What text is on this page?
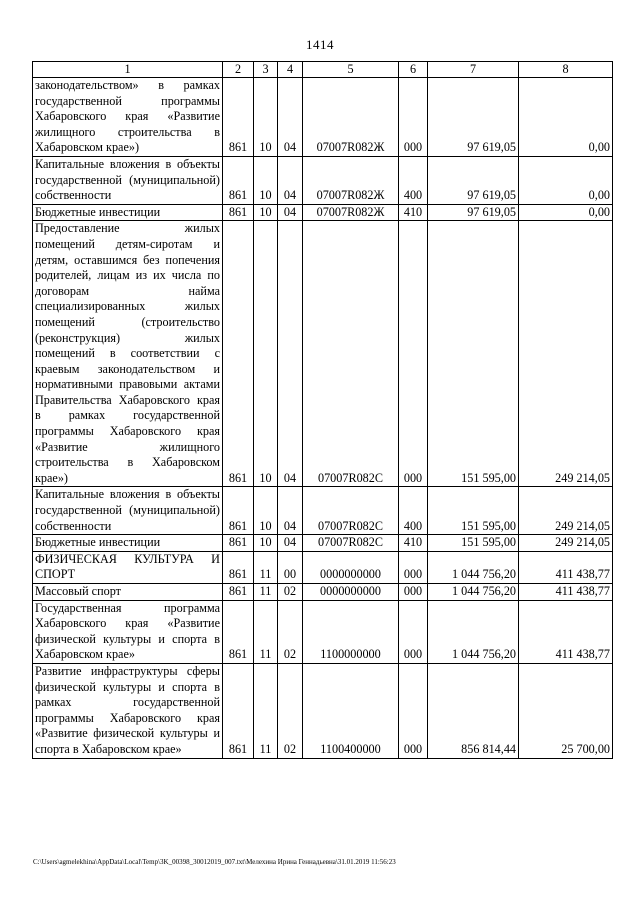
1414
1	2	3	4	5	6	7	8
законодательством» в рамках государственной программы Хабаровского края «Развитие жилищного строительства в Хабаровском крае»)	861	10	04	07007R082Ж	000	97 619,05	0,00
Капитальные вложения в объекты государственной (муниципальной) собственности	861	10	04	07007R082Ж	400	97 619,05	0,00
Бюджетные инвестиции	861	10	04	07007R082Ж	410	97 619,05	0,00
Предоставление жилых помещений детям-сиротам и детям, оставшимся без попечения родителей, лицам из их числа по договорам найма специализированных жилых помещений (строительство (реконструкция) жилых помещений в соответствии с краевым законодательством и нормативными правовыми актами Правительства Хабаровского края в рамках государственной программы Хабаровского края «Развитие жилищного строительства в Хабаровском крае»)	861	10	04	07007R082С	000	151 595,00	249 214,05
Капитальные вложения в объекты государственной (муниципальной) собственности	861	10	04	07007R082С	400	151 595,00	249 214,05
Бюджетные инвестиции	861	10	04	07007R082С	410	151 595,00	249 214,05
ФИЗИЧЕСКАЯ КУЛЬТУРА И СПОРТ	861	11	00	0000000000	000	1 044 756,20	411 438,77
Массовый спорт	861	11	02	0000000000	000	1 044 756,20	411 438,77
Государственная программа Хабаровского края «Развитие физической культуры и спорта в Хабаровском крае»	861	11	02	1100000000	000	1 044 756,20	411 438,77
Развитие инфраструктуры сферы физической культуры и спорта в рамках государственной программы Хабаровского края «Развитие физической культуры и спорта в Хабаровском крае»	861	11	02	1100400000	000	856 814,44	25 700,00
C:\Users\agmelekhina\AppData\Local\Temp\3K_00398_30012019_007.txt\Мелехина Ирина Геннадьевна\31.01.2019 11:56:23
